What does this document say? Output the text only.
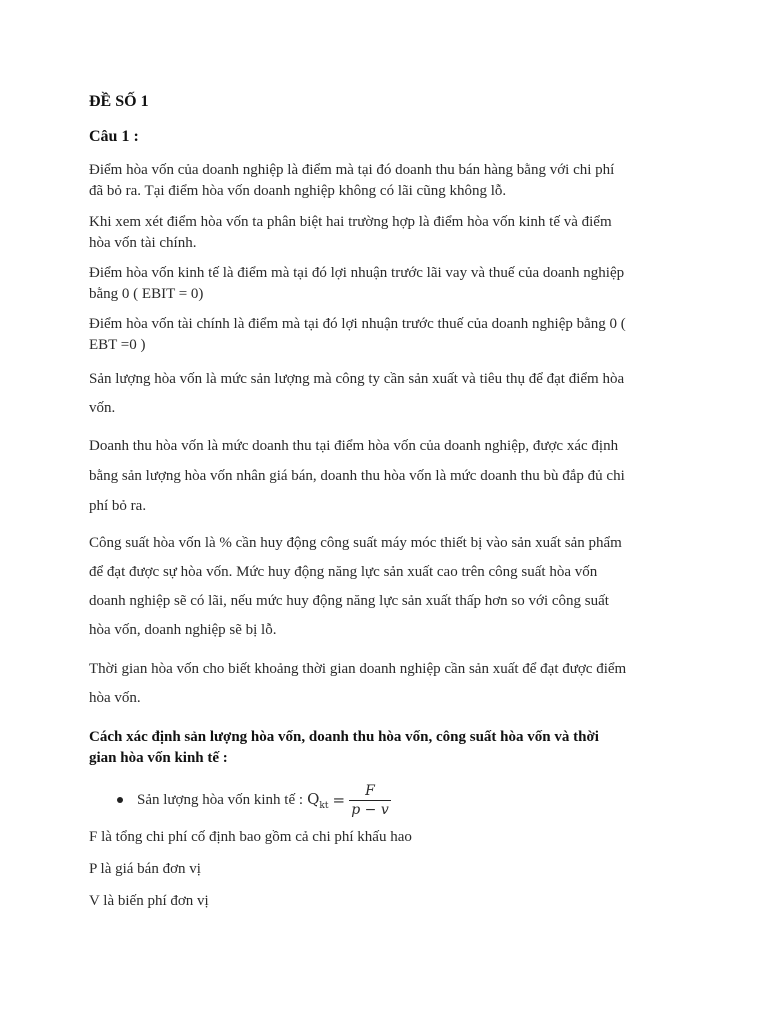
ĐỀ SỐ 1

Câu 1 :

Điểm hòa vốn của doanh nghiệp là điểm mà tại đó doanh thu bán hàng bằng với chi phí
đã bỏ ra. Tại điểm hòa vốn doanh nghiệp không có lãi cũng không lỗ.
Khi xem xét điểm hòa vốn ta phân biệt hai trường hợp là điểm hòa vốn kinh tế và điểm
hòa vốn tài chính.
Điểm hòa vốn kinh tế là điểm mà tại đó lợi nhuận trước lãi vay và thuế của doanh nghiệp
bằng 0 ( EBIT = 0)
Điểm hòa vốn tài chính là điểm mà tại đó lợi nhuận trước thuế của doanh nghiệp bằng 0 (
EBT =0 )
Sản lượng hòa vốn là mức sản lượng mà công ty cần sản xuất và tiêu thụ để đạt điểm hòa
vốn.
Doanh thu hòa vốn là mức doanh thu tại điểm hòa vốn của doanh nghiệp, được xác định
bằng sản lượng hòa vốn nhân giá bán, doanh thu hòa vốn là mức doanh thu bù đắp đủ chi
phí bỏ ra.
Công suất hòa vốn là % cần huy động công suất máy móc thiết bị vào sản xuất sản phẩm
để đạt được sự hòa vốn. Mức huy động năng lực sản xuất cao trên công suất hòa vốn
doanh nghiệp sẽ có lãi, nếu mức huy động năng lực sản xuất thấp hơn so với công suất
hòa vốn, doanh nghiệp sẽ bị lỗ.
Thời gian hòa vốn cho biết khoảng thời gian doanh nghiệp cần sản xuất để đạt được điểm
hòa vốn.
Cách xác định sản lượng hòa vốn, doanh thu hòa vốn, công suất hòa vốn và thời
gian hòa vốn kinh tế :
Sản lượng hòa vốn kinh tế : $Q_{kt} = \frac{F}{p - v}$
F là tổng chi phí cố định bao gồm cả chi phí khấu hao
P là giá bán đơn vị
V là biến phí đơn vị
